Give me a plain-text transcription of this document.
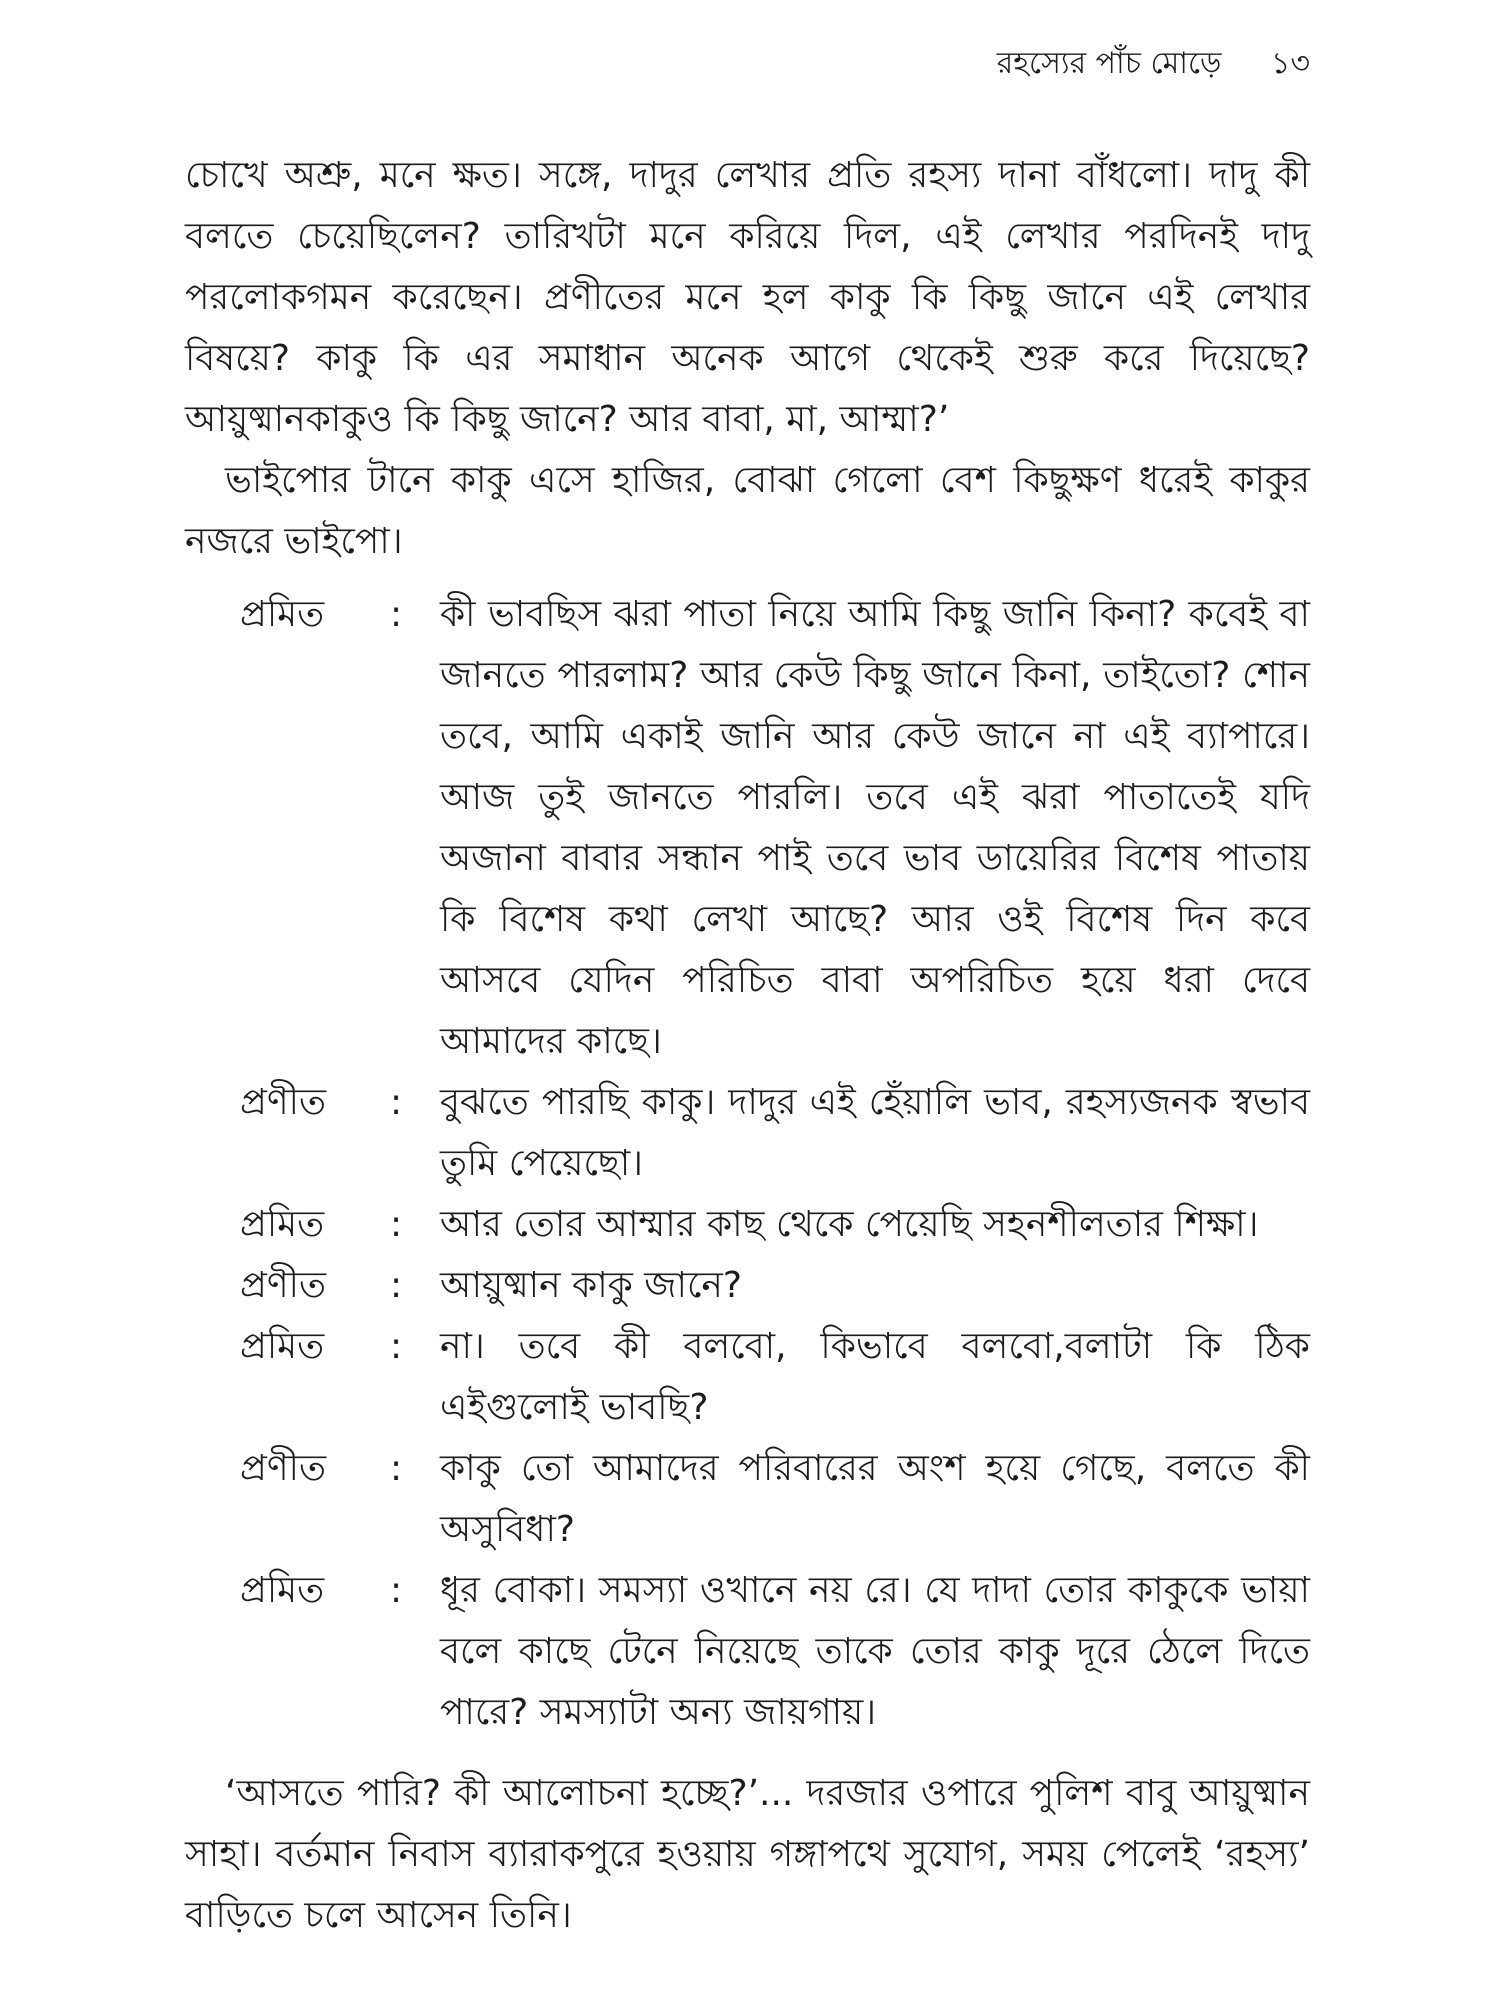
রহস্যের পাঁচ মোড়ে ১৩

চোখে অশ্রু, মনে ক্ষত। সঙ্গে, দাদুর লেখার প্রতি রহস্য দানা বাঁধলো। দাদু কী বলতে চেয়েছিলেন? তারিখটা মনে করিয়ে দিল, এই লেখার পরদিনই দাদু পরলোকগমন করেছেন। প্রণীতের মনে হল কাকু কি কিছু জানে এই লেখার বিষয়ে? কাকু কি এর সমাধান অনেক আগে থেকেই শুরু করে দিয়েছে? আয়ুষ্মানকাকুও কি কিছু জানে? আর বাবা, মা, আম্মা?’

ভাইপোর টানে কাকু এসে হাজির, বোঝা গেলো বেশ কিছুক্ষণ ধরেই কাকুর নজরে ভাইপো।

প্রমিত	:	কী ভাবছিস ঝরা পাতা নিয়ে আমি কিছু জানি কিনা? কবেই বা জানতে পারলাম? আর কেউ কিছু জানে কিনা, তাইতো? শোন তবে, আমি একাই জানি আর কেউ জানে না এই ব্যাপারে। আজ তুই জানতে পারলি। তবে এই ঝরা পাতাতেই যদি অজানা বাবার সন্ধান পাই তবে ভাব ডায়েরির বিশেষ পাতায় কি বিশেষ কথা লেখা আছে? আর ওই বিশেষ দিন কবে আসবে যেদিন পরিচিত বাবা অপরিচিত হয়ে ধরা দেবে আমাদের কাছে।
প্রণীত	:	বুঝতে পারছি কাকু। দাদুর এই হেঁয়ালি ভাব, রহস্যজনক স্বভাব তুমি পেয়েছো।
প্রমিত	:	আর তোর আম্মার কাছ থেকে পেয়েছি সহনশীলতার শিক্ষা।
প্রণীত	:	আয়ুষ্মান কাকু জানে?
প্রমিত	:	না। তবে কী বলবো, কিভাবে বলবো,বলাটা কি ঠিক এইগুলোই ভাবছি?
প্রণীত	:	কাকু তো আমাদের পরিবারের অংশ হয়ে গেছে, বলতে কী অসুবিধা?
প্রমিত	:	ধূর বোকা। সমস্যা ওখানে নয় রে। যে দাদা তোর কাকুকে ভায়া বলে কাছে টেনে নিয়েছে তাকে তোর কাকু দূরে ঠেলে দিতে পারে? সমস্যাটা অন্য জায়গায়।

‘আসতে পারি? কী আলোচনা হচ্ছে?’... দরজার ওপারে পুলিশ বাবু আয়ুষ্মান সাহা। বর্তমান নিবাস ব্যারাকপুরে হওয়ায় গঙ্গাপথে সুযোগ, সময় পেলেই ‘রহস্য’ বাড়িতে চলে আসেন তিনি।
